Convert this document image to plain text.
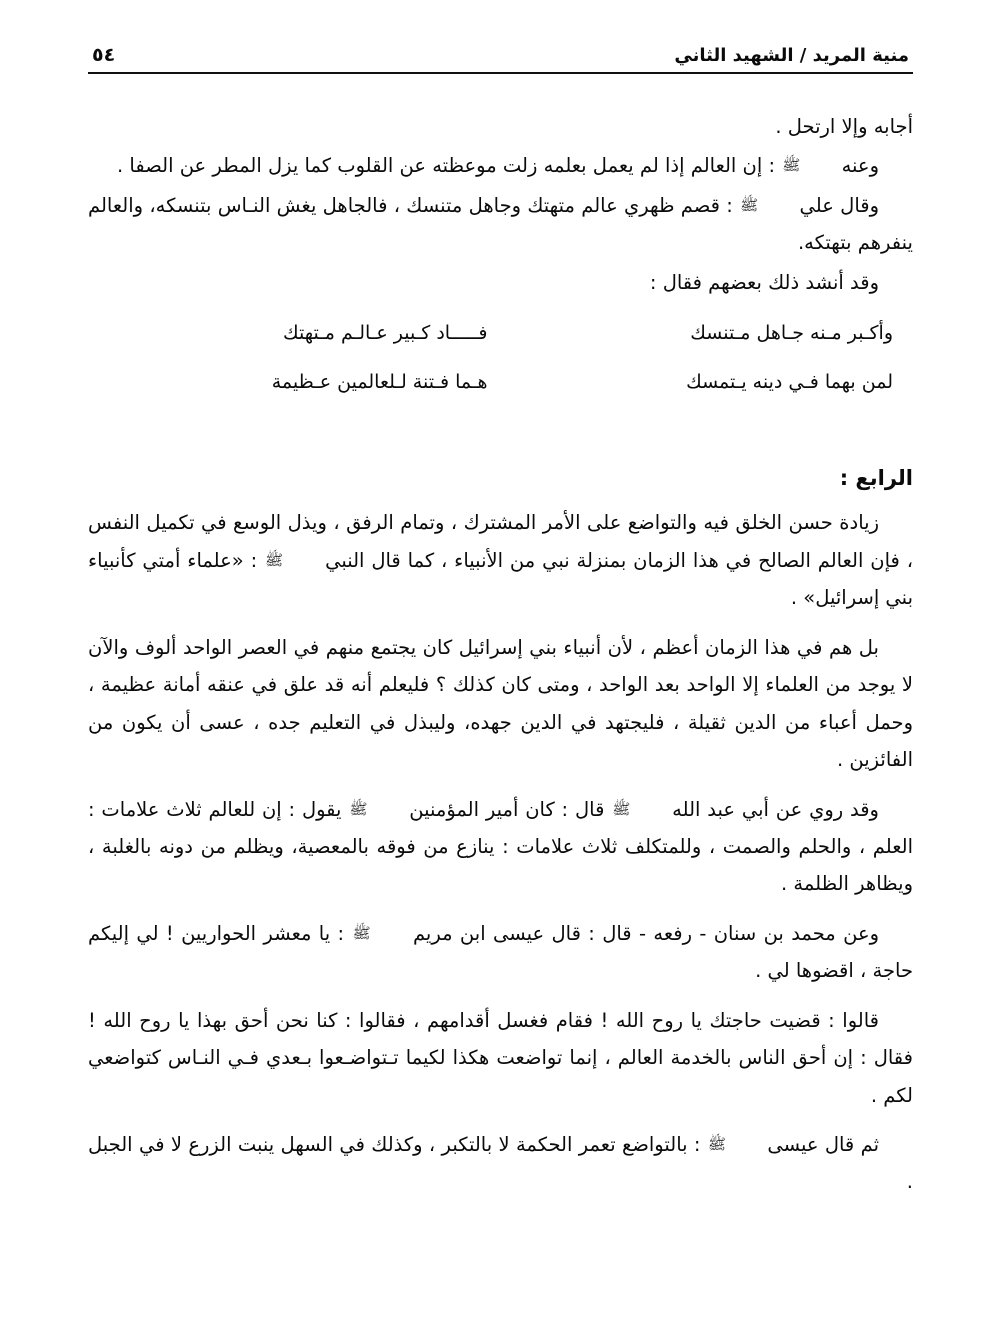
منية المريد / الشهيد الثاني
٥٤

أجابه وإلا ارتحل .

وعنه ﷺ : إن العالم إذا لم يعمل بعلمه زلت موعظته عن القلوب كما يزل المطر عن الصفا .

وقال علي ﷺ : قصم ظهري عالم متهتك وجاهل متنسك ، فالجاهل يغش النـاس بتنسكه، والعالم ينفرهم بتهتكه.

وقد أنشد ذلك بعضهم فقال :

وأكـبر مـنه جـاهل مـتنسك
فـــــاد كـبير عـالـم مـتهتك
لمن بهما فـي دينه يـتمسك
هـما فـتنة لـلعالمين عـظيمة

الرابع :

زيادة حسن الخلق فيه والتواضع على الأمر المشترك ، وتمام الرفق ، ويذل الوسع في تكميل النفس ، فإن العالم الصالح في هذا الزمان بمنزلة نبي من الأنبياء ، كما قال النبي ﷺ : «علماء أمتي كأنبياء بني إسرائيل» .

بل هم في هذا الزمان أعظم ، لأن أنبياء بني إسرائيل كان يجتمع منهم في العصر الواحد ألوف والآن لا يوجد من العلماء إلا الواحد بعد الواحد ، ومتى كان كذلك ؟ فليعلم أنه قد علق في عنقه أمانة عظيمة ، وحمل أعباء من الدين ثقيلة ، فليجتهد في الدين جهده، وليبذل في التعليم جده ، عسى أن يكون من الفائزين .

وقد روي عن أبي عبد الله ﷺ قال : كان أمير المؤمنين ﷺ يقول : إن للعالم ثلاث علامات : العلم ، والحلم والصمت ، وللمتكلف ثلاث علامات : ينازع من فوقه بالمعصية، ويظلم من دونه بالغلبة ، ويظاهر الظلمة .

وعن محمد بن سنان - رفعه - قال : قال عيسى ابن مريم ﷺ : يا معشر الحواريين ! لي إليكم حاجة ، اقضوها لي .

قالوا : قضيت حاجتك يا روح الله ! فقام فغسل أقدامهم ، فقالوا : كنا نحن أحق بهذا يا روح الله ! فقال : إن أحق الناس بالخدمة العالم ، إنما تواضعت هكذا لكيما تـتواضـعوا بـعدي فـي النـاس كتواضعي لكم .

ثم قال عيسى ﷺ : بالتواضع تعمر الحكمة لا بالتكبر ، وكذلك في السهل ينبت الزرع لا في الجبل .
